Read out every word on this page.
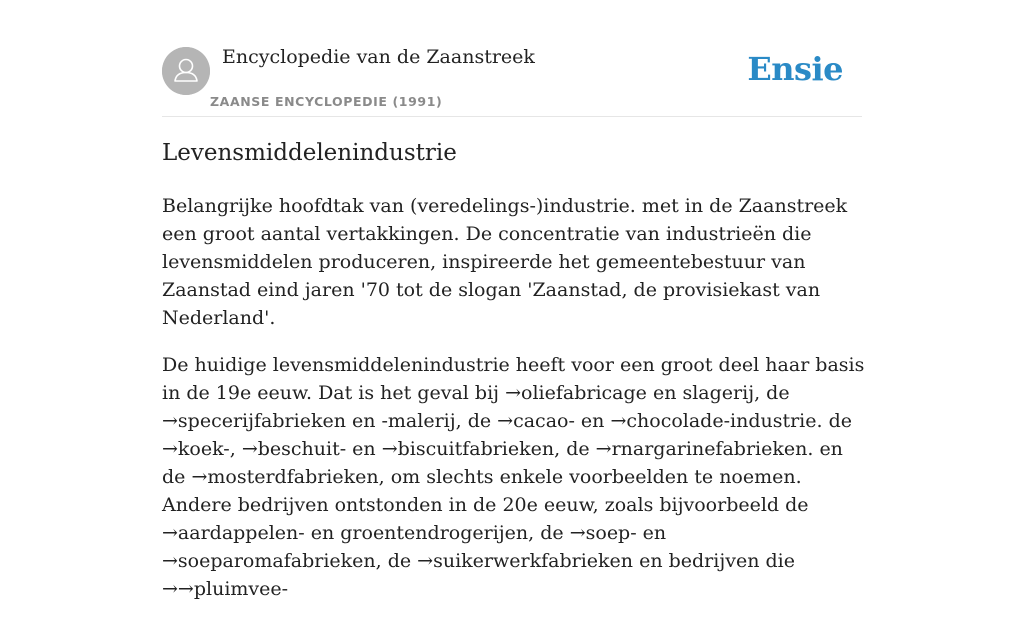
Encyclopedie van de Zaanstreek
ZAANSE ENCYCLOPEDIE (1991)
Ensie
Levensmiddelenindustrie

Belangrijke hoofdtak van (veredelings-)industrie. met in de Zaanstreek een groot aantal vertakkingen. De concentratie van industrieën die levensmiddelen produceren, inspireerde het gemeentebestuur van Zaanstad eind jaren '70 tot de slogan 'Zaanstad, de provisiekast van Nederland'.

De huidige levensmiddelenindustrie heeft voor een groot deel haar basis in de 19e eeuw. Dat is het geval bij →oliefabricage en slagerij, de →specerijfabrieken en -malerij, de →cacao- en →chocolade-industrie. de →koek-, →beschuit- en →biscuitfabrieken, de →rnargarinefabrieken. en de →mosterdfabrieken, om slechts enkele voorbeelden te noemen. Andere bedrijven ontstonden in de 20e eeuw, zoals bijvoorbeeld de →aardappelen- en groentendrogerijen, de →soep- en →soeparomafabrieken, de →suikerwerkfabrieken en bedrijven die →→pluimvee-
